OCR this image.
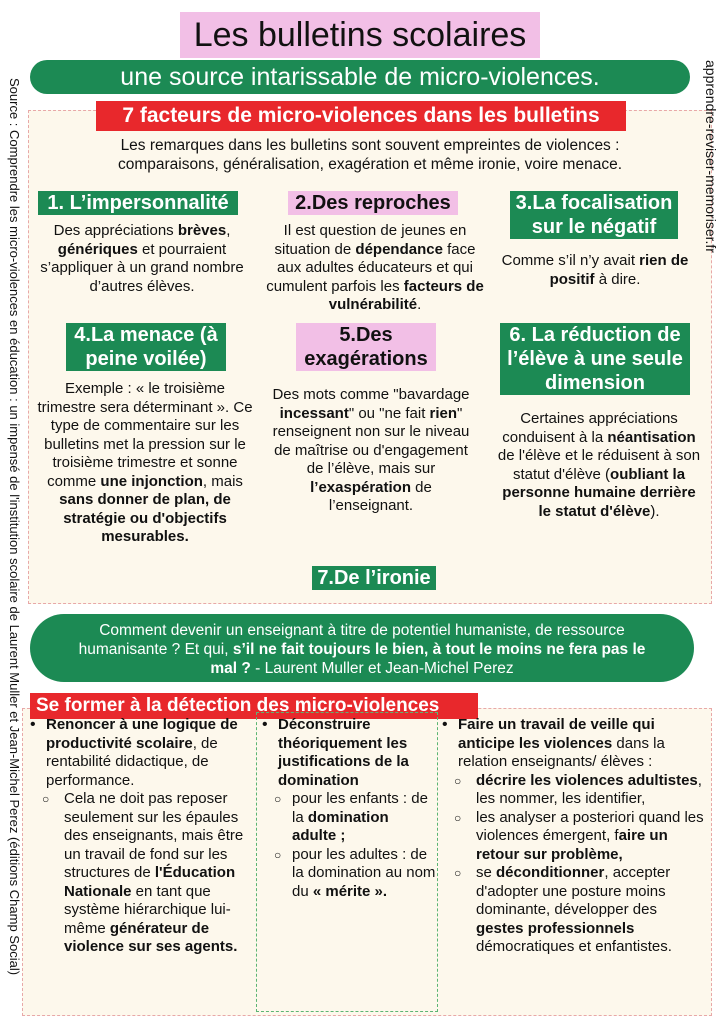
Les bulletins scolaires
une source intarissable de micro-violences.
Source : Comprendre les micro-violences en éducation : un impensé de l'institution scolaire de Laurent Muller et Jean-Michel Perez (éditions Champ Social)	apprendre-reviser-memoriser.fr
7 facteurs de micro-violences dans les bulletins
Les remarques dans les bulletins sont souvent empreintes de violences : comparaisons, généralisation, exagération et même ironie, voire menace.
1. L’impersonnalité
Des appréciations brèves, génériques et pourraient s’appliquer à un grand nombre d’autres élèves.
2.Des reproches
Il est question de jeunes en situation de dépendance face aux adultes éducateurs et qui cumulent parfois les facteurs de vulnérabilité.
3.La focalisation
sur le négatif
Comme s’il n’y avait rien de positif à dire.
4.La menace (à
peine voilée)
Exemple : « le troisième trimestre sera déterminant ». Ce type de commentaire sur les bulletins met la pression sur le troisième trimestre et sonne comme une injonction, mais sans donner de plan, de stratégie ou d'objectifs mesurables.
5.Des
exagérations
Des mots comme "bavardage incessant" ou "ne fait rien" renseignent non sur le niveau de maîtrise ou d'engagement de l’élève, mais sur l’exaspération de l’enseignant.
6. La réduction de
l’élève à une seule
dimension
Certaines appréciations conduisent à la néantisation de l'élève et le réduisent à son statut d'élève (oubliant la personne humaine derrière le statut d'élève).
7.De l’ironie
Comment devenir un enseignant à titre de potentiel humaniste, de ressource humanisante ? Et qui, s’il ne fait toujours le bien, à tout le moins ne fera pas le mal ? - Laurent Muller et Jean-Michel Perez
Se former à la détection des micro-violences
• Renoncer à une logique de productivité scolaire, de rentabilité didactique, de performance.
○ Cela ne doit pas reposer seulement sur les épaules des enseignants, mais être un travail de fond sur les structures de l'Éducation Nationale en tant que système hiérarchique lui-même générateur de violence sur ses agents.
• Déconstruire théoriquement les justifications de la domination
○ pour les enfants : de la domination adulte ;
○ pour les adultes : de la domination au nom du « mérite ».
• Faire un travail de veille qui anticipe les violences dans la relation enseignants/ élèves :
○ décrire les violences adultistes, les nommer, les identifier,
○ les analyser a posteriori quand les violences émergent, faire un retour sur problème,
○ se déconditionner, accepter d'adopter une posture moins dominante, développer des gestes professionnels démocratiques et enfantistes.
